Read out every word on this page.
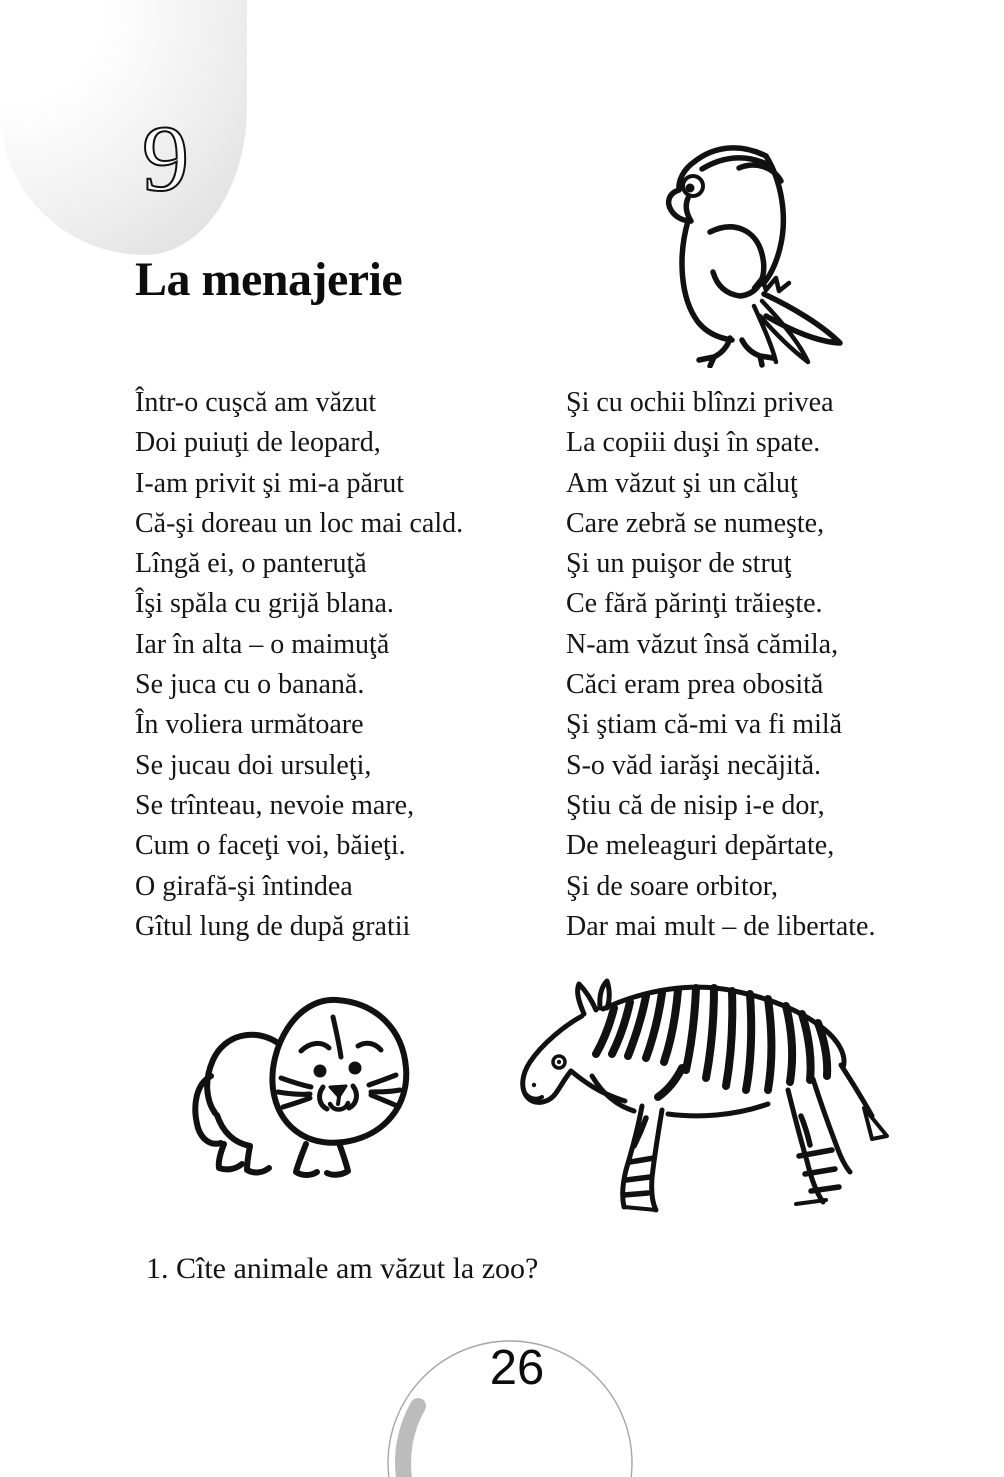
9
La menajerie
Într-o cuşcă am văzut
Doi puiuţi de leopard,
I-am privit şi mi-a părut
Că-şi doreau un loc mai cald.
Lîngă ei, o panteruţă
Îşi spăla cu grijă blana.
Iar în alta – o maimuţă
Se juca cu o banană.
În voliera următoare
Se jucau doi ursuleţi,
Se trînteau, nevoie mare,
Cum o faceţi voi, băieţi.
O girafă-şi întindea
Gîtul lung de după gratii
Şi cu ochii blînzi privea
La copiii duşi în spate.
Am văzut şi un căluţ
Care zebră se numeşte,
Şi un puişor de struţ
Ce fără părinţi trăieşte.
N-am văzut însă cămila,
Căci eram prea obosită
Şi ştiam că-mi va fi milă
S-o văd iarăşi necăjită.
Ştiu că de nisip i-e dor,
De meleaguri depărtate,
Şi de soare orbitor,
Dar mai mult – de libertate.
1. Cîte animale am văzut la zoo?
26
